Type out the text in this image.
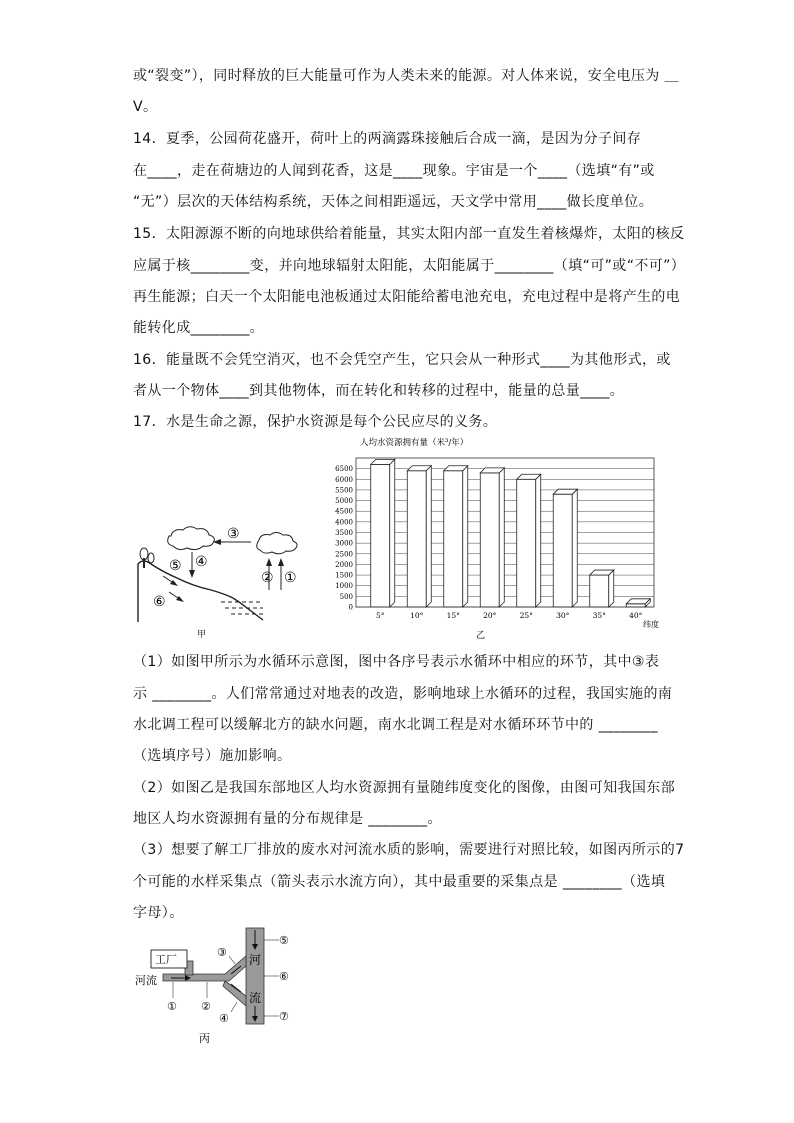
或“裂变”），同时释放的巨大能量可作为人类未来的能源。对人体来说，安全电压为 ＿
V。
14．夏季，公园荷花盛开，荷叶上的两滴露珠接触后合成一滴，是因为分子间存
在____，走在荷塘边的人闻到花香，这是____现象。宇宙是一个____（选填“有”或
“无”）层次的天体结构系统，天体之间相距遥远，天文学中常用____做长度单位。
15．太阳源源不断的向地球供给着能量，其实太阳内部一直发生着核爆炸，太阳的核反
应属于核________变，并向地球辐射太阳能，太阳能属于________（填“可”或“不可”）
再生能源；白天一个太阳能电池板通过太阳能给蓄电池充电，充电过程中是将产生的电
能转化成________。
16．能量既不会凭空消灭，也不会凭空产生，它只会从一种形式____为其他形式，或
者从一个物体____到其他物体，而在转化和转移的过程中，能量的总量____。
17．水是生命之源，保护水资源是每个公民应尽的义务。
③
④
⑤
⑥
② ①
甲
人均水资源拥有量（米³/年）
0
500
1000
1500
2000
2500
3000
3500
4000
4500
5000
5500
6000
6500
5°	10°	15°	20°	25°	30°	35°	40°
纬度
乙
（1）如图甲所示为水循环示意图，图中各序号表示水循环中相应的环节，其中③表
示 ________。人们常常通过对地表的改造，影响地球上水循环的过程，我国实施的南
水北调工程可以缓解北方的缺水问题，南水北调工程是对水循环环节中的 ________
（选填序号）施加影响。
（2）如图乙是我国东部地区人均水资源拥有量随纬度变化的图像，由图可知我国东部
地区人均水资源拥有量的分布规律是 ________。
（3）想要了解工厂排放的废水对河流水质的影响，需要进行对照比较，如图丙所示的7
个可能的水样采集点（箭头表示水流方向），其中最重要的采集点是 ________（选填
字母）。
工厂	河
流
河流
① ②
③
④
⑤
⑥
⑦
丙
